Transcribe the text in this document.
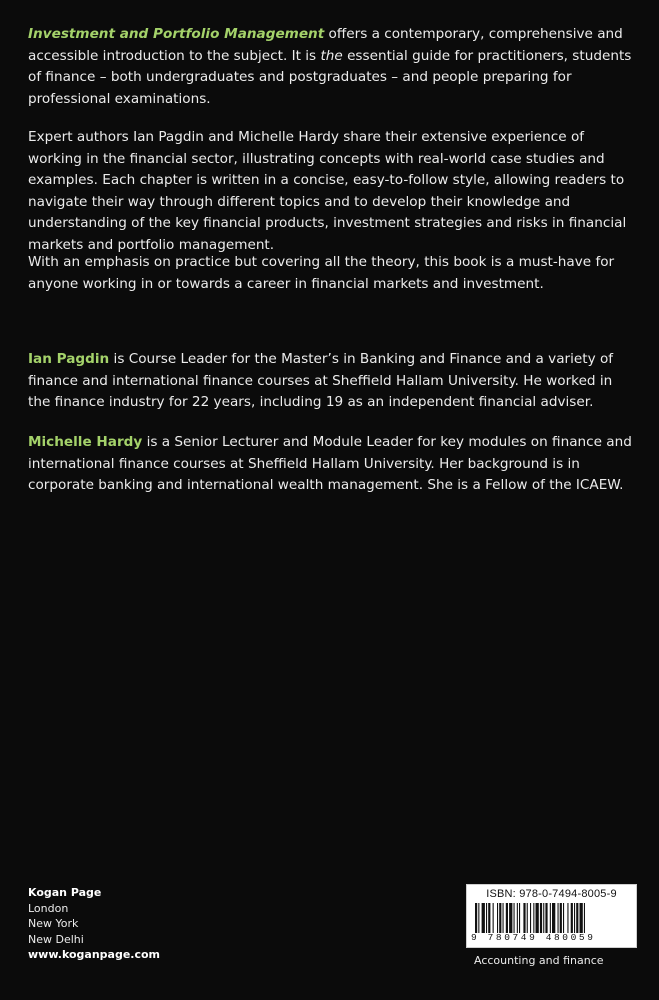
Investment and Portfolio Management offers a contemporary, comprehensive and accessible introduction to the subject. It is the essential guide for practitioners, students of finance – both undergraduates and postgraduates – and people preparing for professional examinations.

Expert authors Ian Pagdin and Michelle Hardy share their extensive experience of working in the financial sector, illustrating concepts with real-world case studies and examples. Each chapter is written in a concise, easy-to-follow style, allowing readers to navigate their way through different topics and to develop their knowledge and understanding of the key financial products, investment strategies and risks in financial markets and portfolio management.

With an emphasis on practice but covering all the theory, this book is a must-have for anyone working in or towards a career in financial markets and investment.

Ian Pagdin is Course Leader for the Master’s in Banking and Finance and a variety of finance and international finance courses at Sheffield Hallam University. He worked in the finance industry for 22 years, including 19 as an independent financial adviser.

Michelle Hardy is a Senior Lecturer and Module Leader for key modules on finance and international finance courses at Sheffield Hallam University. Her background is in corporate banking and international wealth management. She is a Fellow of the ICAEW.

Kogan Page
London
New York
New Delhi
www.koganpage.com
ISBN: 978-0-7494-8005-9
9 780749 480059
Accounting and finance
